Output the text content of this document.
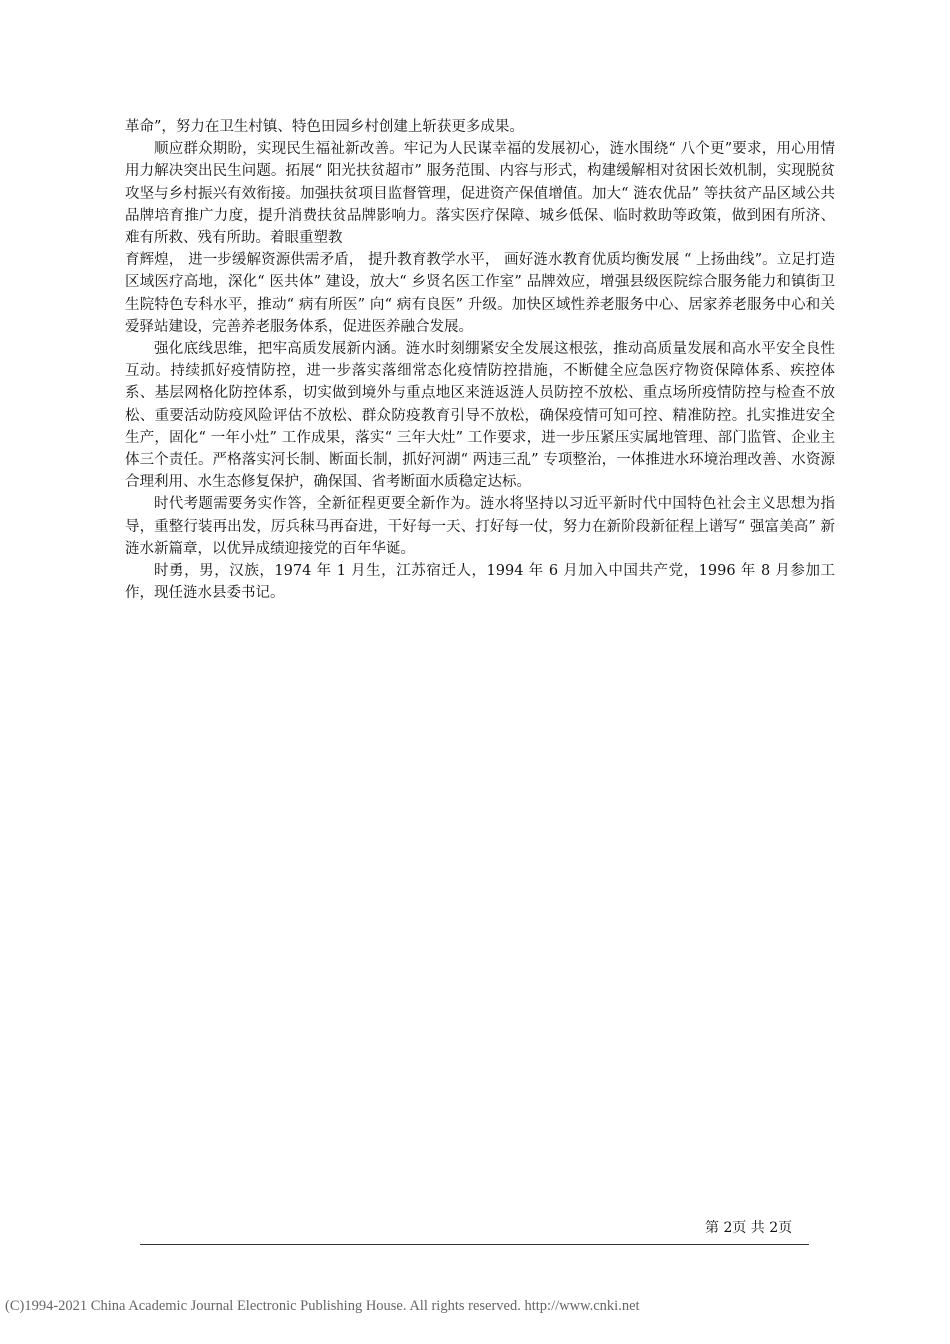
革命”，努力在卫生村镇、特色田园乡村创建上斩获更多成果。

顺应群众期盼，实现民生福祉新改善。牢记为人民谋幸福的发展初心，涟水围绕“ 八个更”要求，用心用情用力解决突出民生问题。拓展“ 阳光扶贫超市” 服务范围、内容与形式，构建缓解相对贫困长效机制，实现脱贫攻坚与乡村振兴有效衔接。加强扶贫项目监督管理，促进资产保值增值。加大“ 涟农优品” 等扶贫产品区域公共品牌培育推广力度，提升消费扶贫品牌影响力。落实医疗保障、城乡低保、临时救助等政策，做到困有所济、难有所救、残有所助。着眼重塑教

育辉煌， 进一步缓解资源供需矛盾， 提升教育教学水平， 画好涟水教育优质均衡发展 “ 上扬曲线”。立足打造区域医疗高地，深化“ 医共体” 建设，放大“ 乡贤名医工作室” 品牌效应，增强县级医院综合服务能力和镇街卫生院特色专科水平，推动“ 病有所医” 向“ 病有良医” 升级。加快区域性养老服务中心、居家养老服务中心和关爱驿站建设，完善养老服务体系，促进医养融合发展。

强化底线思维，把牢高质发展新内涵。涟水时刻绷紧安全发展这根弦，推动高质量发展和高水平安全良性互动。持续抓好疫情防控，进一步落实落细常态化疫情防控措施，不断健全应急医疗物资保障体系、疾控体系、基层网格化防控体系，切实做到境外与重点地区来涟返涟人员防控不放松、重点场所疫情防控与检查不放松、重要活动防疫风险评估不放松、群众防疫教育引导不放松，确保疫情可知可控、精准防控。扎实推进安全生产，固化“ 一年小灶” 工作成果，落实“ 三年大灶” 工作要求，进一步压紧压实属地管理、部门监管、企业主体三个责任。严格落实河长制、断面长制，抓好河湖“ 两违三乱” 专项整治，一体推进水环境治理改善、水资源合理利用、水生态修复保护，确保国、省考断面水质稳定达标。

时代考题需要务实作答，全新征程更要全新作为。涟水将坚持以习近平新时代中国特色社会主义思想为指导，重整行装再出发，厉兵秣马再奋进，干好每一天、打好每一仗，努力在新阶段新征程上谱写“ 强富美高” 新涟水新篇章，以优异成绩迎接党的百年华诞。

时勇，男，汉族，1974 年 1 月生，江苏宿迁人，1994 年 6 月加入中国共产党，1996 年 8 月参加工作，现任涟水县委书记。

第 2页 共 2页
(C)1994-2021 China Academic Journal Electronic Publishing House. All rights reserved. http://www.cnki.net
